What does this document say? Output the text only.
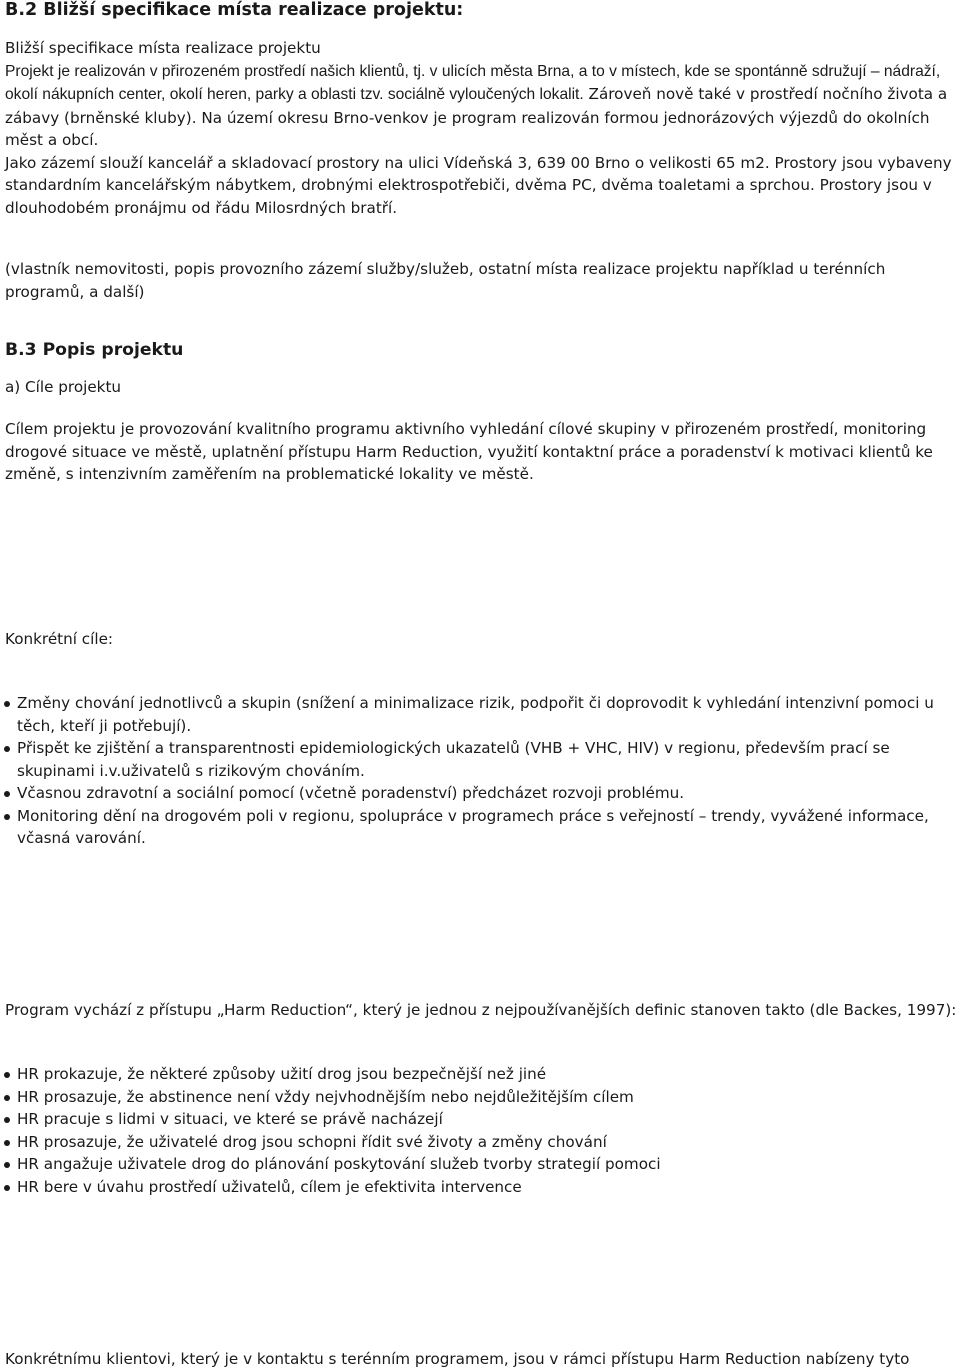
B.2 Bližší specifikace místa realizace projektu:

Bližší specifikace místa realizace projektu

Projekt je realizován v přirozeném prostředí našich klientů, tj. v ulicích města Brna, a to v místech, kde se spontánně sdružují – nádraží, okolí nákupních center, okolí heren, parky a oblasti tzv. sociálně vyloučených lokalit. Zároveň nově také v prostředí nočního života a zábavy (brněnské kluby). Na území okresu Brno-venkov je program realizován formou jednorázových výjezdů do okolních měst a obcí.

Jako zázemí slouží kancelář a skladovací prostory na ulici Vídeňská 3, 639 00 Brno o velikosti 65 m2. Prostory jsou vybaveny standardním kancelářským nábytkem, drobnými elektrospotřebiči, dvěma PC, dvěma toaletami a sprchou. Prostory jsou v dlouhodobém pronájmu od řádu Milosrdných bratří.

(vlastník nemovitosti, popis provozního zázemí služby/služeb, ostatní místa realizace projektu například u terénních programů, a další)

B.3 Popis projektu

a) Cíle projektu

Cílem projektu je provozování kvalitního programu aktivního vyhledání cílové skupiny v přirozeném prostředí, monitoring drogové situace ve městě, uplatnění přístupu Harm Reduction, využití kontaktní práce a poradenství k motivaci klientů ke změně, s intenzivním zaměřením na problematické lokality ve městě.

Konkrétní cíle:

Změny chování jednotlivců a skupin (snížení a minimalizace rizik, podpořit či doprovodit k vyhledání intenzivní pomoci u těch, kteří ji potřebují).
Přispět ke zjištění a transparentnosti epidemiologických ukazatelů (VHB + VHC, HIV) v regionu, především prací se skupinami i.v.uživatelů s rizikovým chováním.
Včasnou zdravotní a sociální pomocí (včetně poradenství) předcházet rozvoji problému.
Monitoring dění na drogovém poli v regionu, spolupráce v programech práce s veřejností – trendy, vyvážené informace, včasná varování.

Program vychází z přístupu „Harm Reduction“, který je jednou z nejpoužívanějších definic stanoven takto (dle Backes, 1997):

HR prokazuje, že některé způsoby užití drog jsou bezpečnější než jiné
HR prosazuje, že abstinence není vždy nejvhodnějším nebo nejdůležitějším cílem
HR pracuje s lidmi v situaci, ve které se právě nacházejí
HR prosazuje, že uživatelé drog jsou schopni řídit své životy a změny chování
HR angažuje uživatele drog do plánování poskytování služeb tvorby strategií pomoci
HR bere v úvahu prostředí uživatelů, cílem je efektivita intervence

Konkrétnímu klientovi, který je v kontaktu s terénním programem, jsou v rámci přístupu Harm Reduction nabízeny tyto
